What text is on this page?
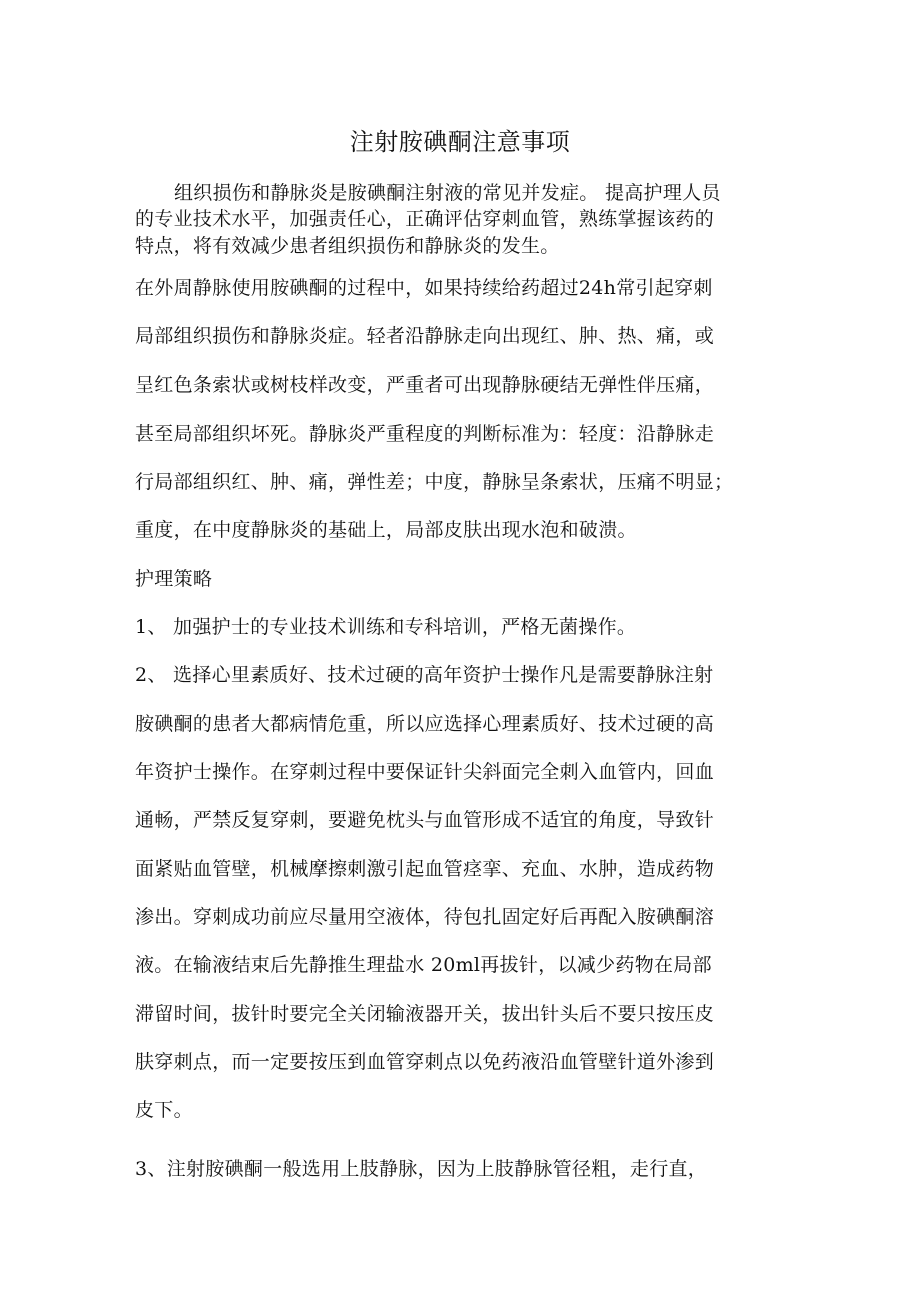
注射胺碘酮注意事项
组织损伤和静脉炎是胺碘酮注射液的常见并发症。 提高护理人员
的专业技术水平，加强责任心，正确评估穿刺血管，熟练掌握该药的
特点，将有效减少患者组织损伤和静脉炎的发生。
在外周静脉使用胺碘酮的过程中，如果持续给药超过24h常引起穿刺
局部组织损伤和静脉炎症。轻者沿静脉走向出现红、肿、热、痛，或
呈红色条索状或树枝样改变，严重者可出现静脉硬结无弹性伴压痛，
甚至局部组织坏死。静脉炎严重程度的判断标准为：轻度：沿静脉走
行局部组织红、肿、痛，弹性差；中度，静脉呈条索状，压痛不明显；
重度，在中度静脉炎的基础上，局部皮肤出现水泡和破溃。
护理策略
1、 加强护士的专业技术训练和专科培训，严格无菌操作。
2、 选择心里素质好、技术过硬的高年资护士操作凡是需要静脉注射
胺碘酮的患者大都病情危重，所以应选择心理素质好、技术过硬的高
年资护士操作。在穿刺过程中要保证针尖斜面完全刺入血管内，回血
通畅，严禁反复穿刺，要避免枕头与血管形成不适宜的角度，导致针
面紧贴血管壁，机械摩擦刺激引起血管痉挛、充血、水肿，造成药物
渗出。穿刺成功前应尽量用空液体，待包扎固定好后再配入胺碘酮溶
液。在输液结束后先静推生理盐水 20ml再拔针，以减少药物在局部
滞留时间，拔针时要完全关闭输液器开关，拔出针头后不要只按压皮
肤穿刺点，而一定要按压到血管穿刺点以免药液沿血管壁针道外渗到
皮下。
3、注射胺碘酮一般选用上肢静脉，因为上肢静脉管径粗，走行直，
